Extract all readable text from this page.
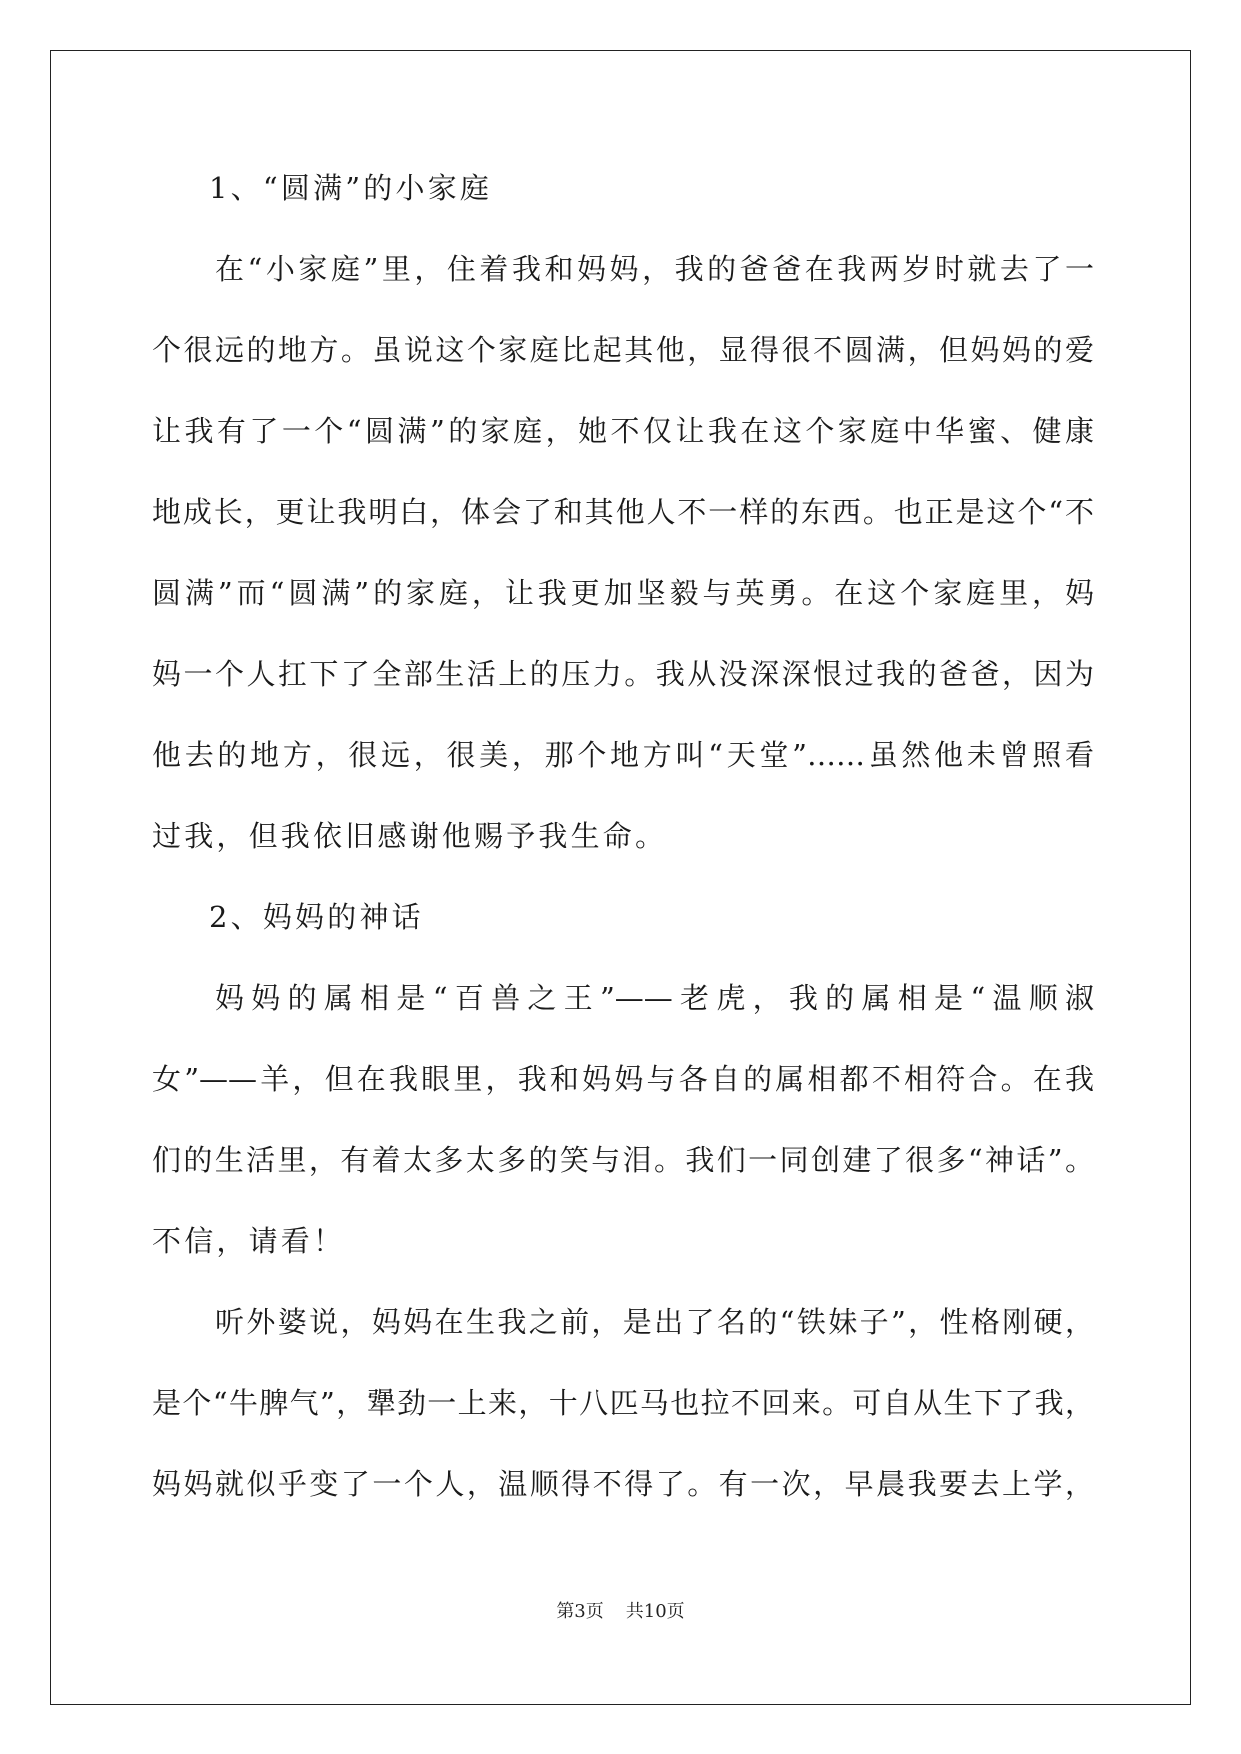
1、“圆满”的小家庭
在“小家庭”里，住着我和妈妈，我的爸爸在我两岁时就去了一
个很远的地方。虽说这个家庭比起其他，显得很不圆满，但妈妈的爱
让我有了一个“圆满”的家庭，她不仅让我在这个家庭中华蜜、健康
地成长，更让我明白，体会了和其他人不一样的东西。也正是这个“不
圆满”而“圆满”的家庭，让我更加坚毅与英勇。在这个家庭里，妈
妈一个人扛下了全部生活上的压力。我从没深深恨过我的爸爸，因为
他去的地方，很远，很美，那个地方叫“天堂”……虽然他未曾照看
过我，但我依旧感谢他赐予我生命。
2、妈妈的神话
妈妈的属相是“百兽之王”——老虎，我的属相是“温顺淑
女”——羊，但在我眼里，我和妈妈与各自的属相都不相符合。在我
们的生活里，有着太多太多的笑与泪。我们一同创建了很多“神话”。
不信，请看！
听外婆说，妈妈在生我之前，是出了名的“铁妹子”，性格刚硬，
是个“牛脾气”，犟劲一上来，十八匹马也拉不回来。可自从生下了我，
妈妈就似乎变了一个人，温顺得不得了。有一次，早晨我要去上学，
第3页 共10页
